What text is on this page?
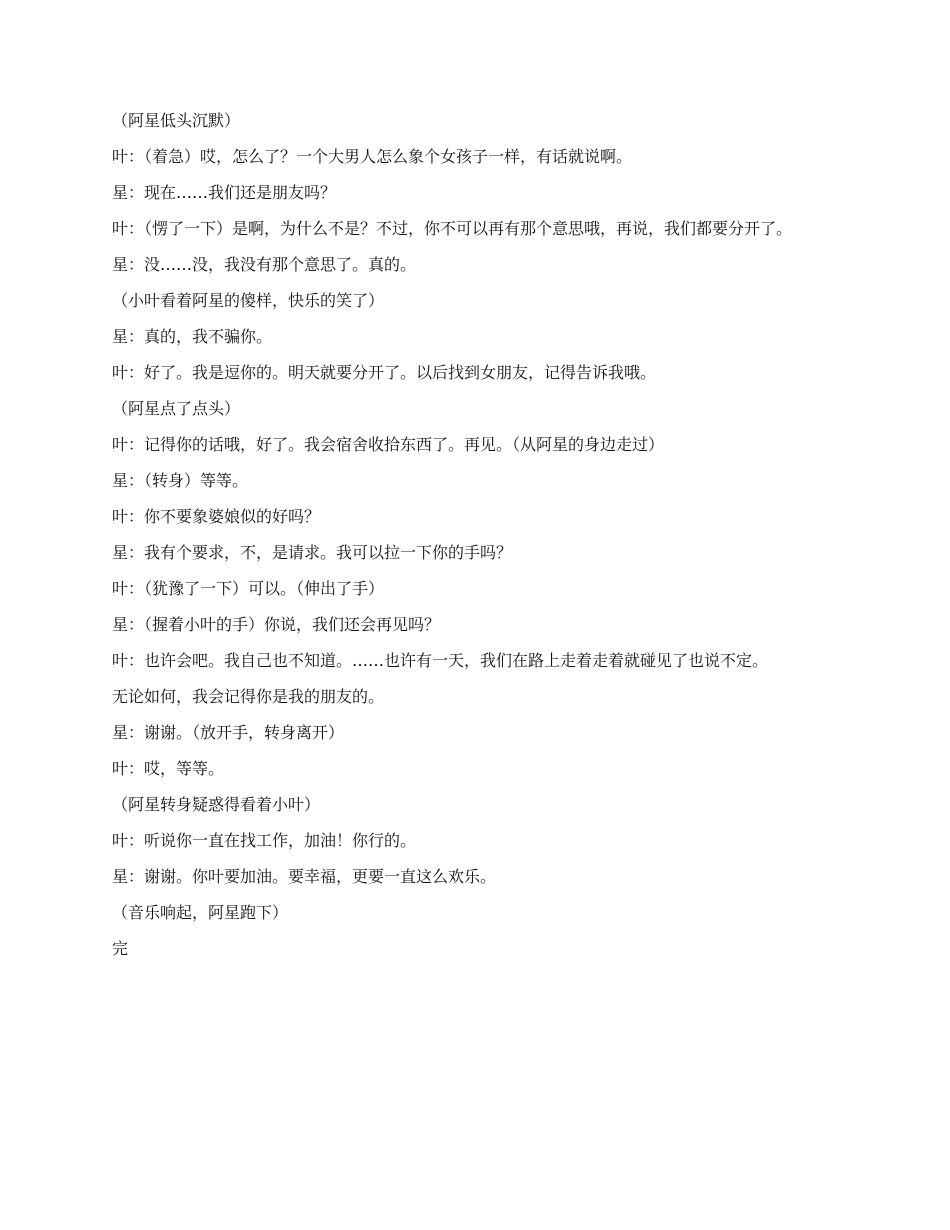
（阿星低头沉默）

叶：（着急）哎，怎么了？一个大男人怎么象个女孩子一样，有话就说啊。

星：现在……我们还是朋友吗？

叶：（愣了一下）是啊，为什么不是？不过，你不可以再有那个意思哦，再说，我们都要分开了。

星：没……没，我没有那个意思了。真的。

（小叶看着阿星的傻样，快乐的笑了）

星：真的，我不骗你。

叶：好了。我是逗你的。明天就要分开了。以后找到女朋友，记得告诉我哦。

（阿星点了点头）

叶：记得你的话哦，好了。我会宿舍收拾东西了。再见。（从阿星的身边走过）

星：（转身）等等。

叶：你不要象婆娘似的好吗？

星：我有个要求，不，是请求。我可以拉一下你的手吗？

叶：（犹豫了一下）可以。（伸出了手）

星：（握着小叶的手）你说，我们还会再见吗？

叶：也许会吧。我自己也不知道。……也许有一天，我们在路上走着走着就碰见了也说不定。

无论如何，我会记得你是我的朋友的。

星：谢谢。（放开手，转身离开）

叶：哎，等等。

（阿星转身疑惑得看着小叶）

叶：听说你一直在找工作，加油！你行的。

星：谢谢。你叶要加油。要幸福，更要一直这么欢乐。

（音乐响起，阿星跑下）

完
